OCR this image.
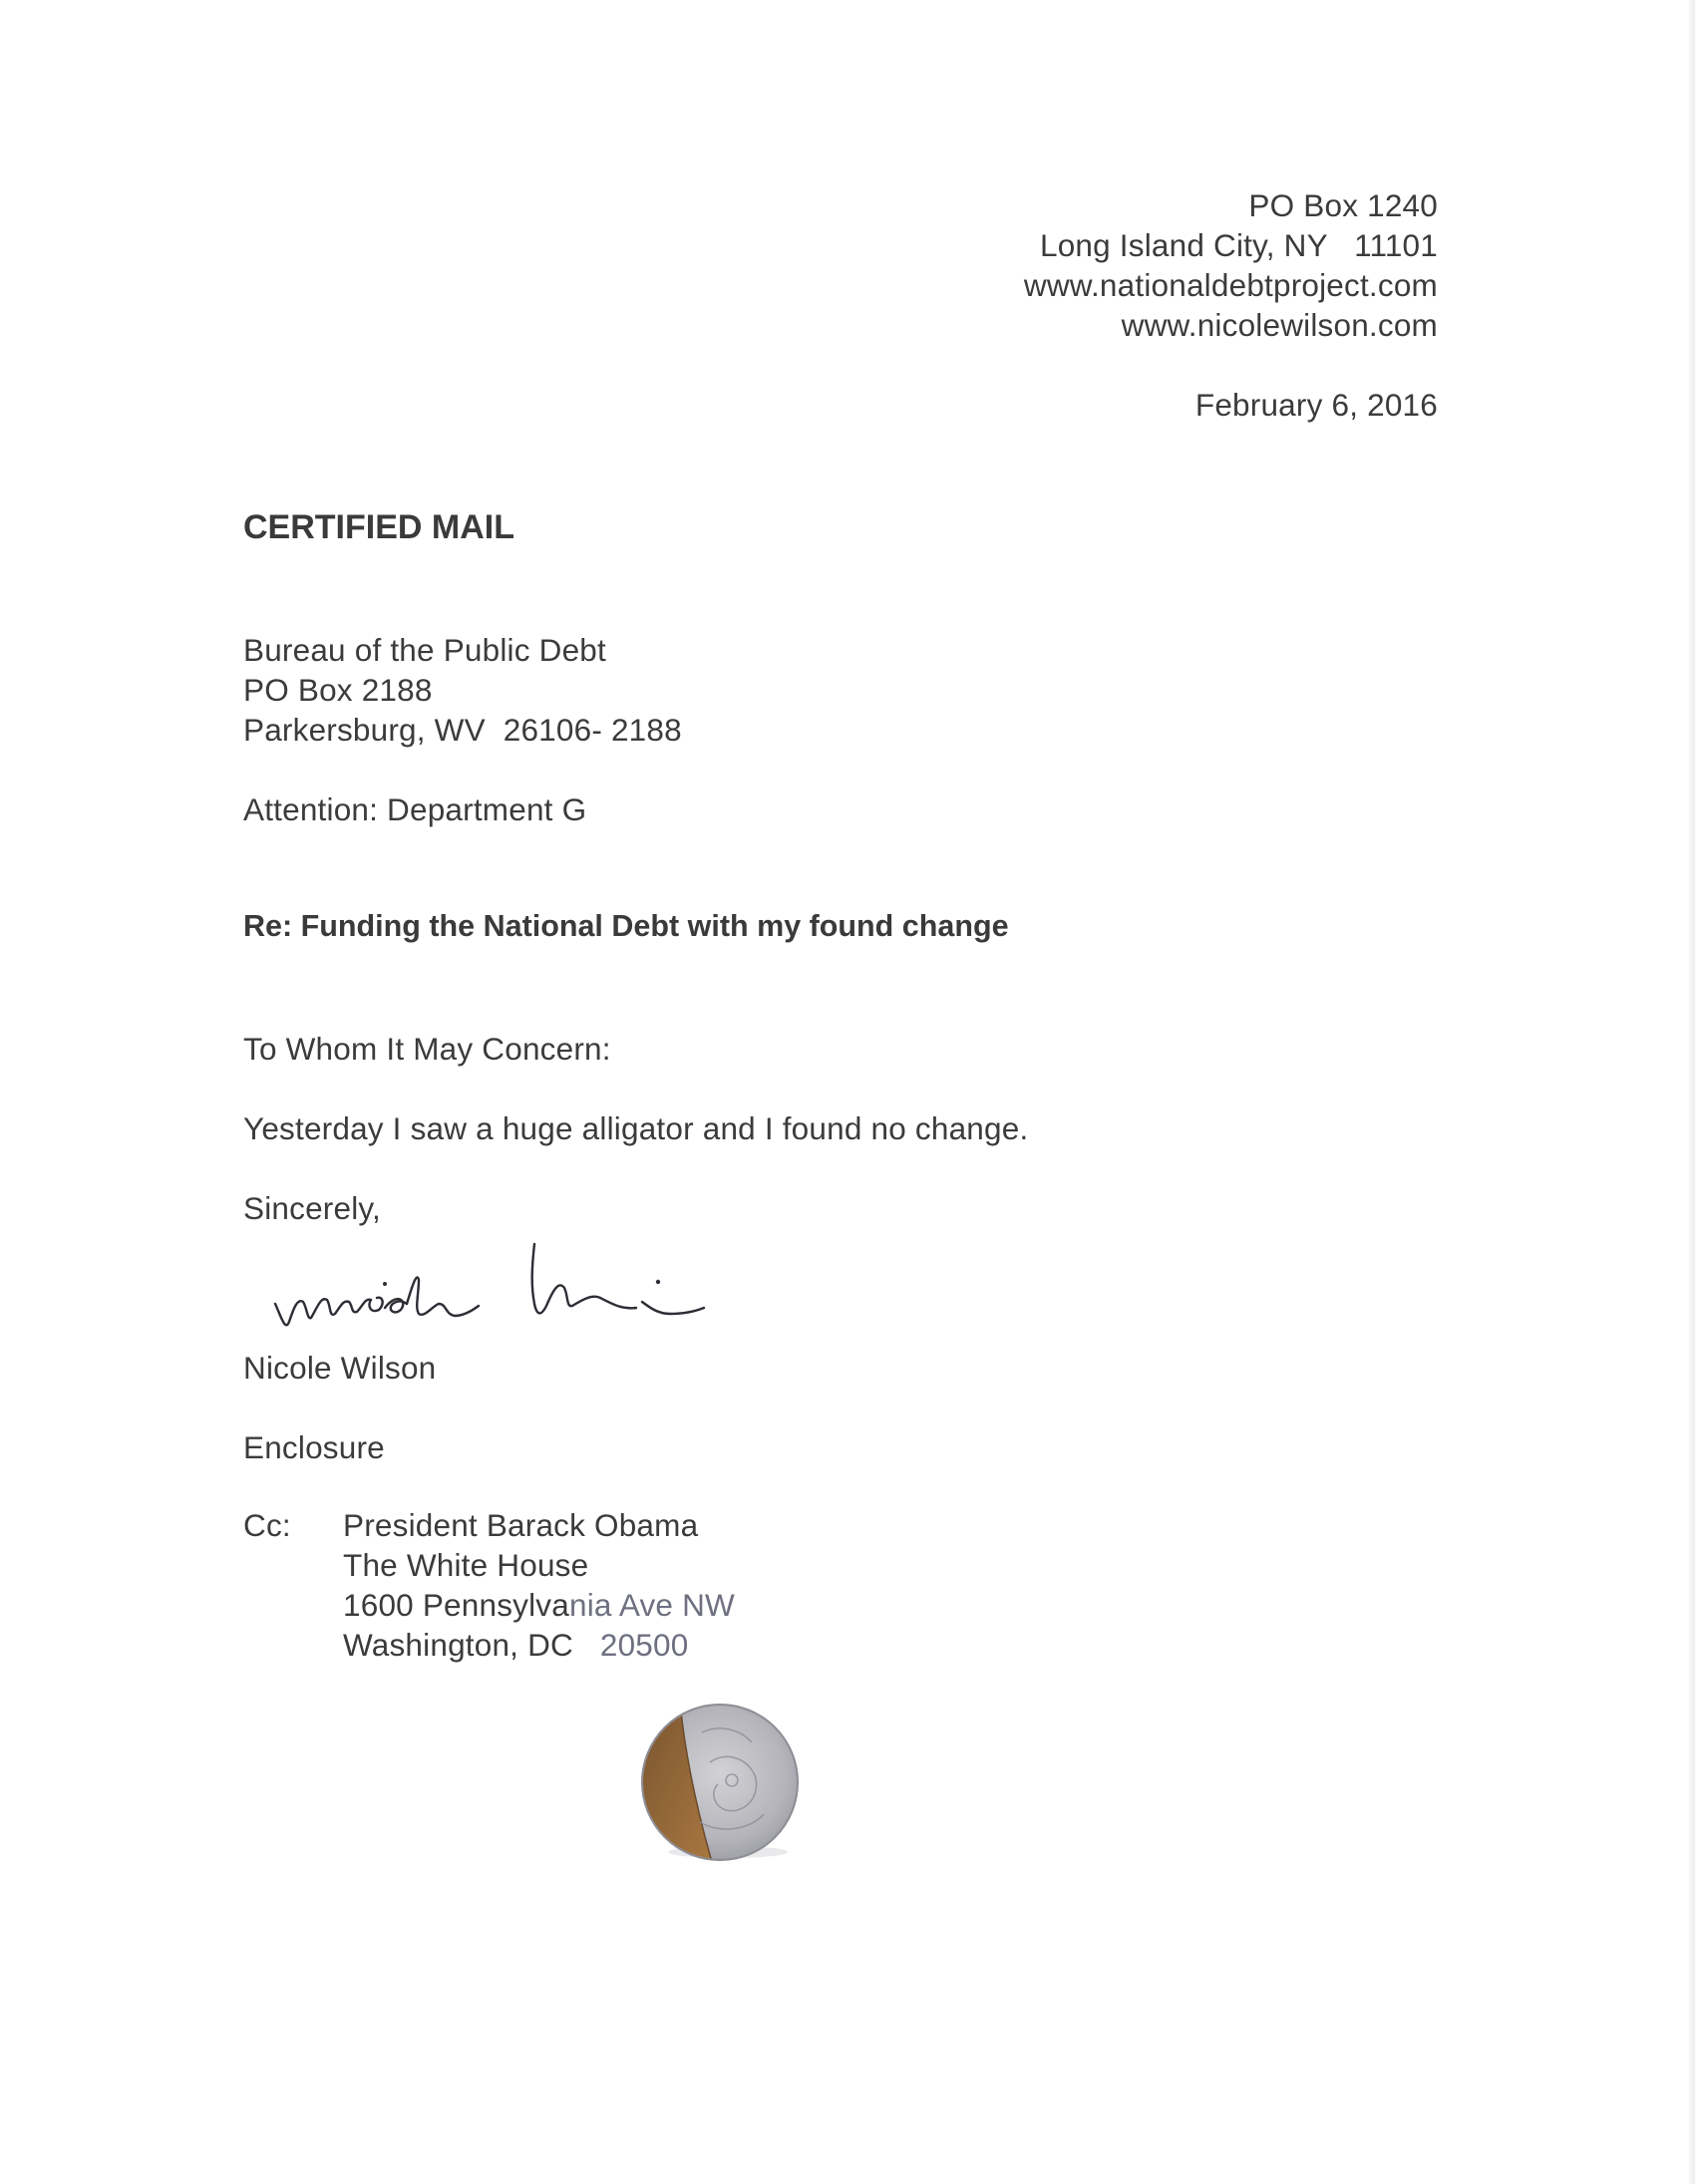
PO Box 1240
Long Island City, NY   11101
www.nationaldebtproject.com
www.nicolewilson.com
February 6, 2016
CERTIFIED MAIL
Bureau of the Public Debt
PO Box 2188
Parkersburg, WV  26106- 2188
Attention: Department G
Re: Funding the National Debt with my found change
To Whom It May Concern:
Yesterday I saw a huge alligator and I found no change.
Sincerely,
Nicole Wilson
Enclosure
Cc: President Barack Obama
The White House
1600 Pennsylvania Ave NW
Washington, DC   20500
